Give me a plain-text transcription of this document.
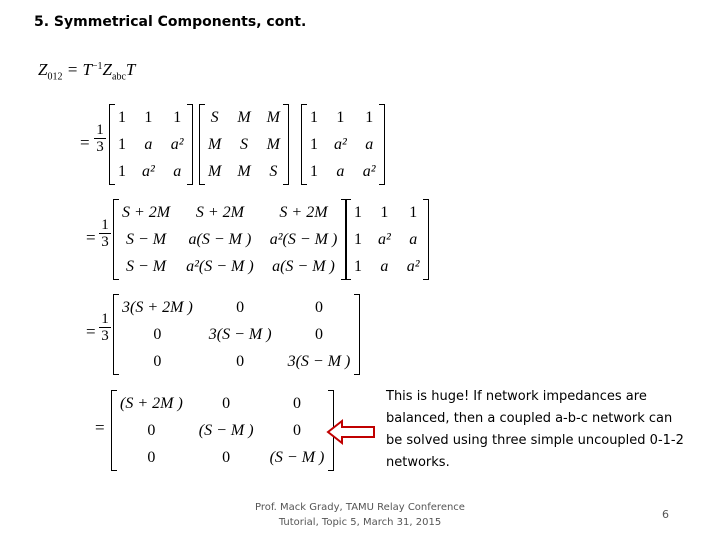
5. Symmetrical Components, cont.
$Z_{012} = T^{-1}Z_{abc}T$
= $\frac{1}{3}$
1	1	1
1	a	a²
1	a²	a
S	M	M
M	S	M
M	M	S
1	1	1
1	a²	a
1	a	a²
= $\frac{1}{3}$
S + 2M	S + 2M	S + 2M
S − M	a(S − M )	a²(S − M )
S − M	a²(S − M )	a(S − M )
1	1	1
1	a²	a
1	a	a²
= $\frac{1}{3}$
3(S + 2M )	0	0
0	3(S − M )	0
0	0	3(S − M )
=
(S + 2M )	0	0
0	(S − M )	0
0	0	(S − M )
This is huge! If network impedances are balanced, then a coupled a-b-c network can be solved using three simple uncoupled 0-1-2 networks.
Prof. Mack Grady, TAMU Relay Conference
Tutorial, Topic 5, March 31, 2015
6
